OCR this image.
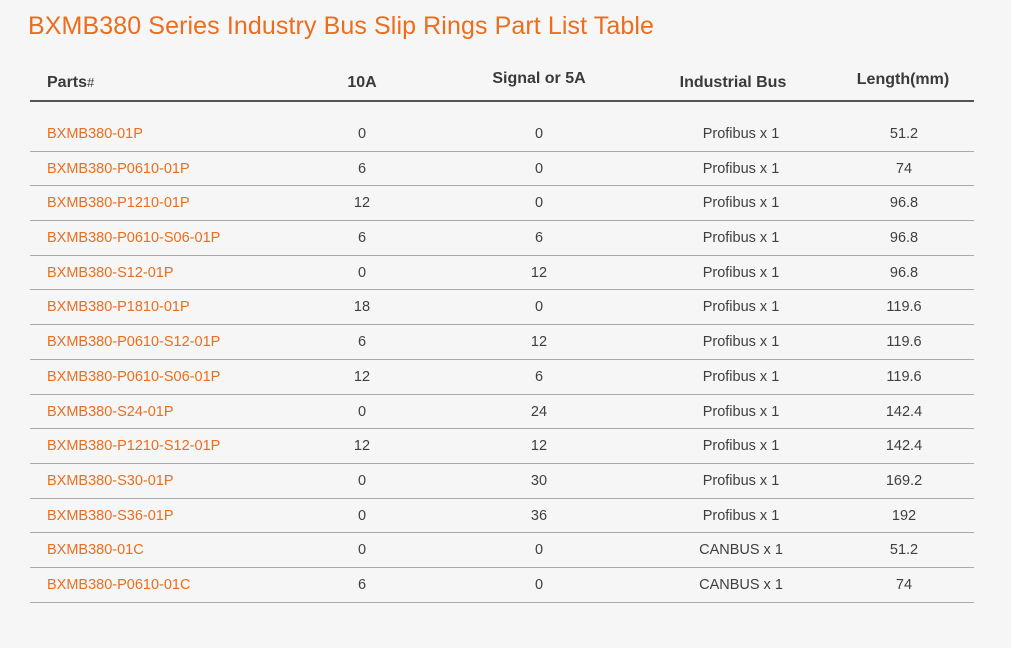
BXMB380 Series Industry Bus Slip Rings Part List Table
Parts#	10A	Signal or 5A	Industrial Bus	Length(mm)
BXMB380-01P	0	0	Profibus x 1	51.2
BXMB380-P0610-01P	6	0	Profibus x 1	74
BXMB380-P1210-01P	12	0	Profibus x 1	96.8
BXMB380-P0610-S06-01P	6	6	Profibus x 1	96.8
BXMB380-S12-01P	0	12	Profibus x 1	96.8
BXMB380-P1810-01P	18	0	Profibus x 1	119.6
BXMB380-P0610-S12-01P	6	12	Profibus x 1	119.6
BXMB380-P0610-S06-01P	12	6	Profibus x 1	119.6
BXMB380-S24-01P	0	24	Profibus x 1	142.4
BXMB380-P1210-S12-01P	12	12	Profibus x 1	142.4
BXMB380-S30-01P	0	30	Profibus x 1	169.2
BXMB380-S36-01P	0	36	Profibus x 1	192
BXMB380-01C	0	0	CANBUS x 1	51.2
BXMB380-P0610-01C	6	0	CANBUS x 1	74
